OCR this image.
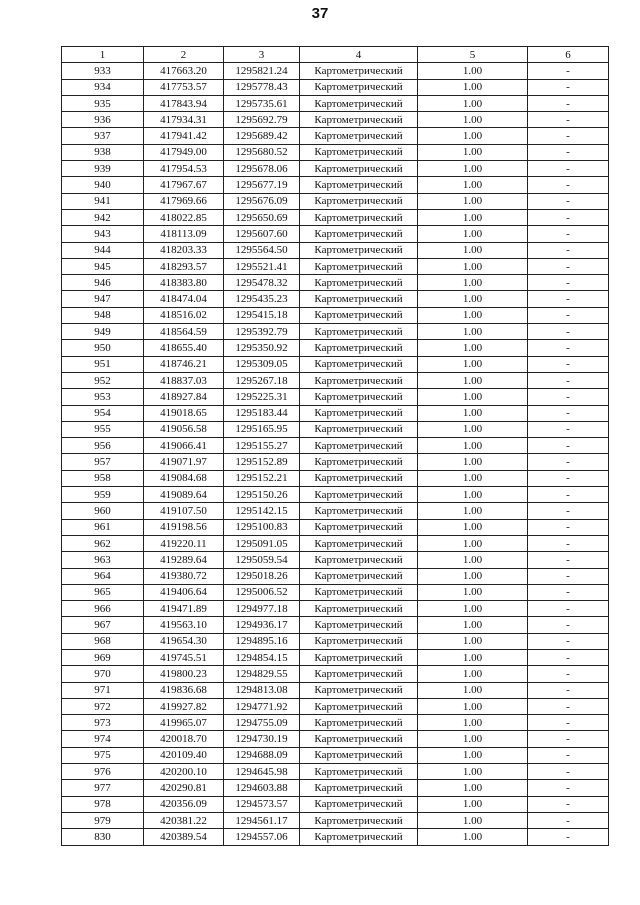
37
1	2	3	4	5	6
933	417663.20	1295821.24	Картометрический	1.00	-
934	417753.57	1295778.43	Картометрический	1.00	-
935	417843.94	1295735.61	Картометрический	1.00	-
936	417934.31	1295692.79	Картометрический	1.00	-
937	417941.42	1295689.42	Картометрический	1.00	-
938	417949.00	1295680.52	Картометрический	1.00	-
939	417954.53	1295678.06	Картометрический	1.00	-
940	417967.67	1295677.19	Картометрический	1.00	-
941	417969.66	1295676.09	Картометрический	1.00	-
942	418022.85	1295650.69	Картометрический	1.00	-
943	418113.09	1295607.60	Картометрический	1.00	-
944	418203.33	1295564.50	Картометрический	1.00	-
945	418293.57	1295521.41	Картометрический	1.00	-
946	418383.80	1295478.32	Картометрический	1.00	-
947	418474.04	1295435.23	Картометрический	1.00	-
948	418516.02	1295415.18	Картометрический	1.00	-
949	418564.59	1295392.79	Картометрический	1.00	-
950	418655.40	1295350.92	Картометрический	1.00	-
951	418746.21	1295309.05	Картометрический	1.00	-
952	418837.03	1295267.18	Картометрический	1.00	-
953	418927.84	1295225.31	Картометрический	1.00	-
954	419018.65	1295183.44	Картометрический	1.00	-
955	419056.58	1295165.95	Картометрический	1.00	-
956	419066.41	1295155.27	Картометрический	1.00	-
957	419071.97	1295152.89	Картометрический	1.00	-
958	419084.68	1295152.21	Картометрический	1.00	-
959	419089.64	1295150.26	Картометрический	1.00	-
960	419107.50	1295142.15	Картометрический	1.00	-
961	419198.56	1295100.83	Картометрический	1.00	-
962	419220.11	1295091.05	Картометрический	1.00	-
963	419289.64	1295059.54	Картометрический	1.00	-
964	419380.72	1295018.26	Картометрический	1.00	-
965	419406.64	1295006.52	Картометрический	1.00	-
966	419471.89	1294977.18	Картометрический	1.00	-
967	419563.10	1294936.17	Картометрический	1.00	-
968	419654.30	1294895.16	Картометрический	1.00	-
969	419745.51	1294854.15	Картометрический	1.00	-
970	419800.23	1294829.55	Картометрический	1.00	-
971	419836.68	1294813.08	Картометрический	1.00	-
972	419927.82	1294771.92	Картометрический	1.00	-
973	419965.07	1294755.09	Картометрический	1.00	-
974	420018.70	1294730.19	Картометрический	1.00	-
975	420109.40	1294688.09	Картометрический	1.00	-
976	420200.10	1294645.98	Картометрический	1.00	-
977	420290.81	1294603.88	Картометрический	1.00	-
978	420356.09	1294573.57	Картометрический	1.00	-
979	420381.22	1294561.17	Картометрический	1.00	-
830	420389.54	1294557.06	Картометрический	1.00	-
